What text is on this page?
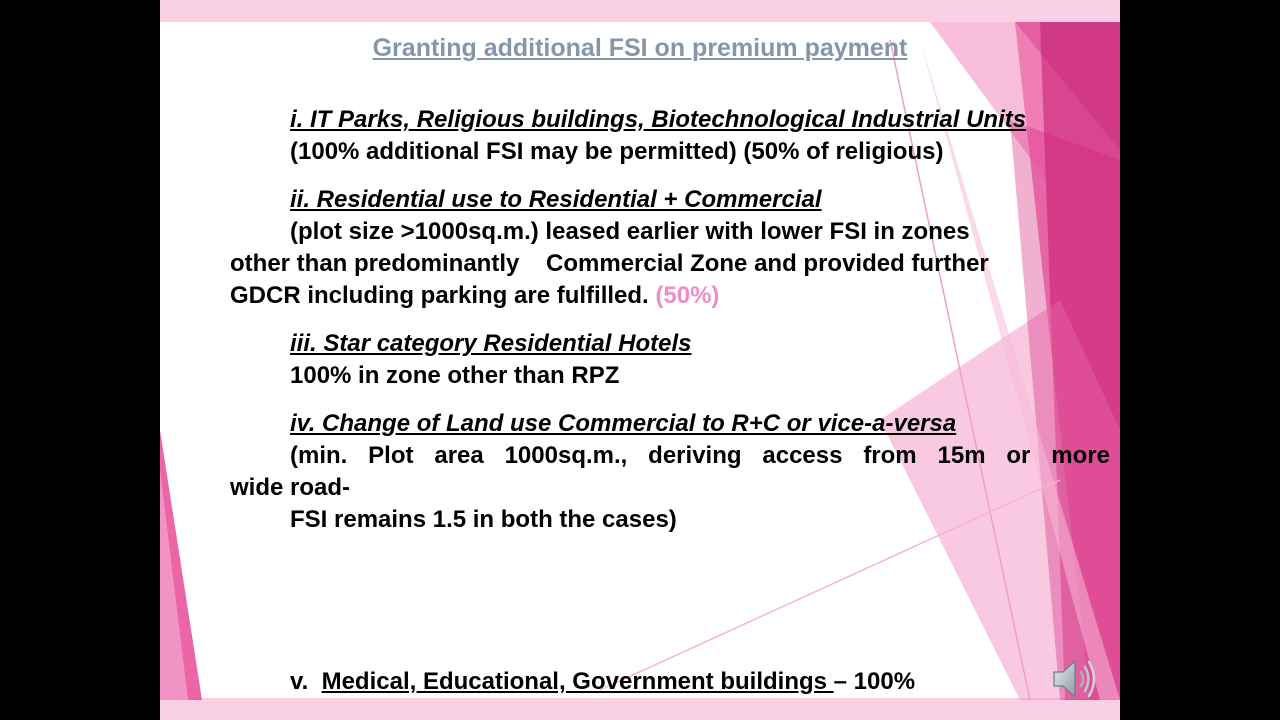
Granting additional FSI on premium payment

i. IT Parks, Religious buildings, Biotechnological Industrial Units

(100% additional FSI may be permitted) (50% of religious)

ii. Residential use to Residential + Commercial

(plot size >1000sq.m.) leased earlier with lower FSI in zones

other than predominantly    Commercial Zone and provided further

GDCR including parking are fulfilled. (50%)

iii. Star category Residential Hotels

100% in zone other than RPZ

iv. Change of Land use Commercial to R+C or vice-a-versa

(min. Plot area 1000sq.m., deriving access from 15m or more

wide road-

FSI remains 1.5 in both the cases)

v.  Medical, Educational, Government buildings – 100%
